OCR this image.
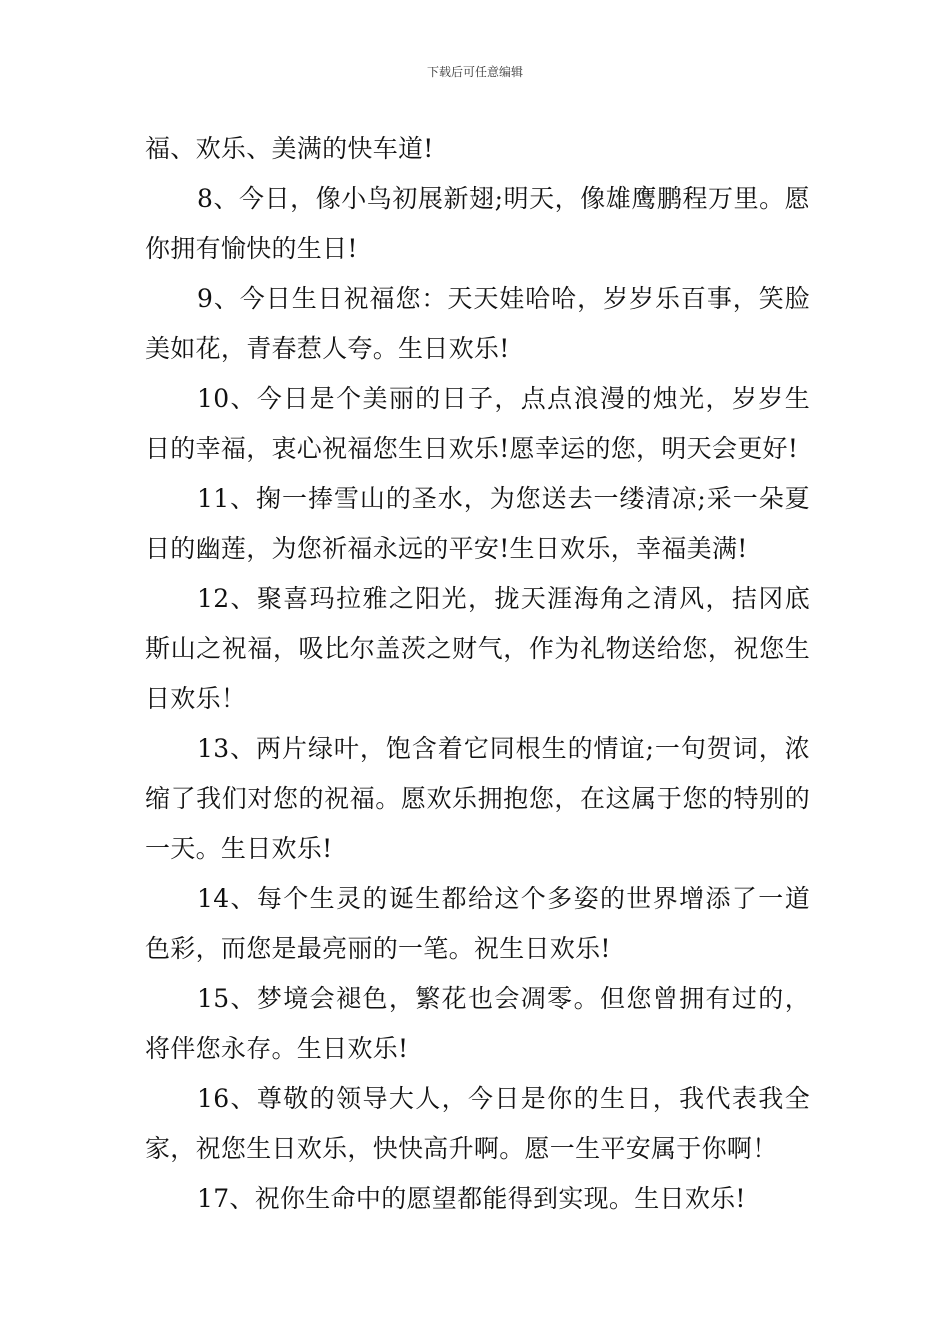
下载后可任意编辑

福、欢乐、美满的快车道!

8、今日，像小鸟初展新翅;明天，像雄鹰鹏程万里。愿你拥有愉快的生日!

9、今日生日祝福您：天天娃哈哈，岁岁乐百事，笑脸美如花，青春惹人夸。生日欢乐!

10、今日是个美丽的日子，点点浪漫的烛光，岁岁生日的幸福，衷心祝福您生日欢乐!愿幸运的您，明天会更好!

11、掬一捧雪山的圣水，为您送去一缕清凉;采一朵夏日的幽莲，为您祈福永远的平安!生日欢乐，幸福美满!

12、聚喜玛拉雅之阳光，拢天涯海角之清风，拮冈底斯山之祝福，吸比尔盖茨之财气，作为礼物送给您，祝您生日欢乐！

13、两片绿叶，饱含着它同根生的情谊;一句贺词，浓缩了我们对您的祝福。愿欢乐拥抱您，在这属于您的特别的一天。生日欢乐!

14、每个生灵的诞生都给这个多姿的世界增添了一道色彩，而您是最亮丽的一笔。祝生日欢乐!

15、梦境会褪色，繁花也会凋零。但您曾拥有过的，将伴您永存。生日欢乐!

16、尊敬的领导大人，今日是你的生日，我代表我全家，祝您生日欢乐，快快高升啊。愿一生平安属于你啊！

17、祝你生命中的愿望都能得到实现。生日欢乐!
